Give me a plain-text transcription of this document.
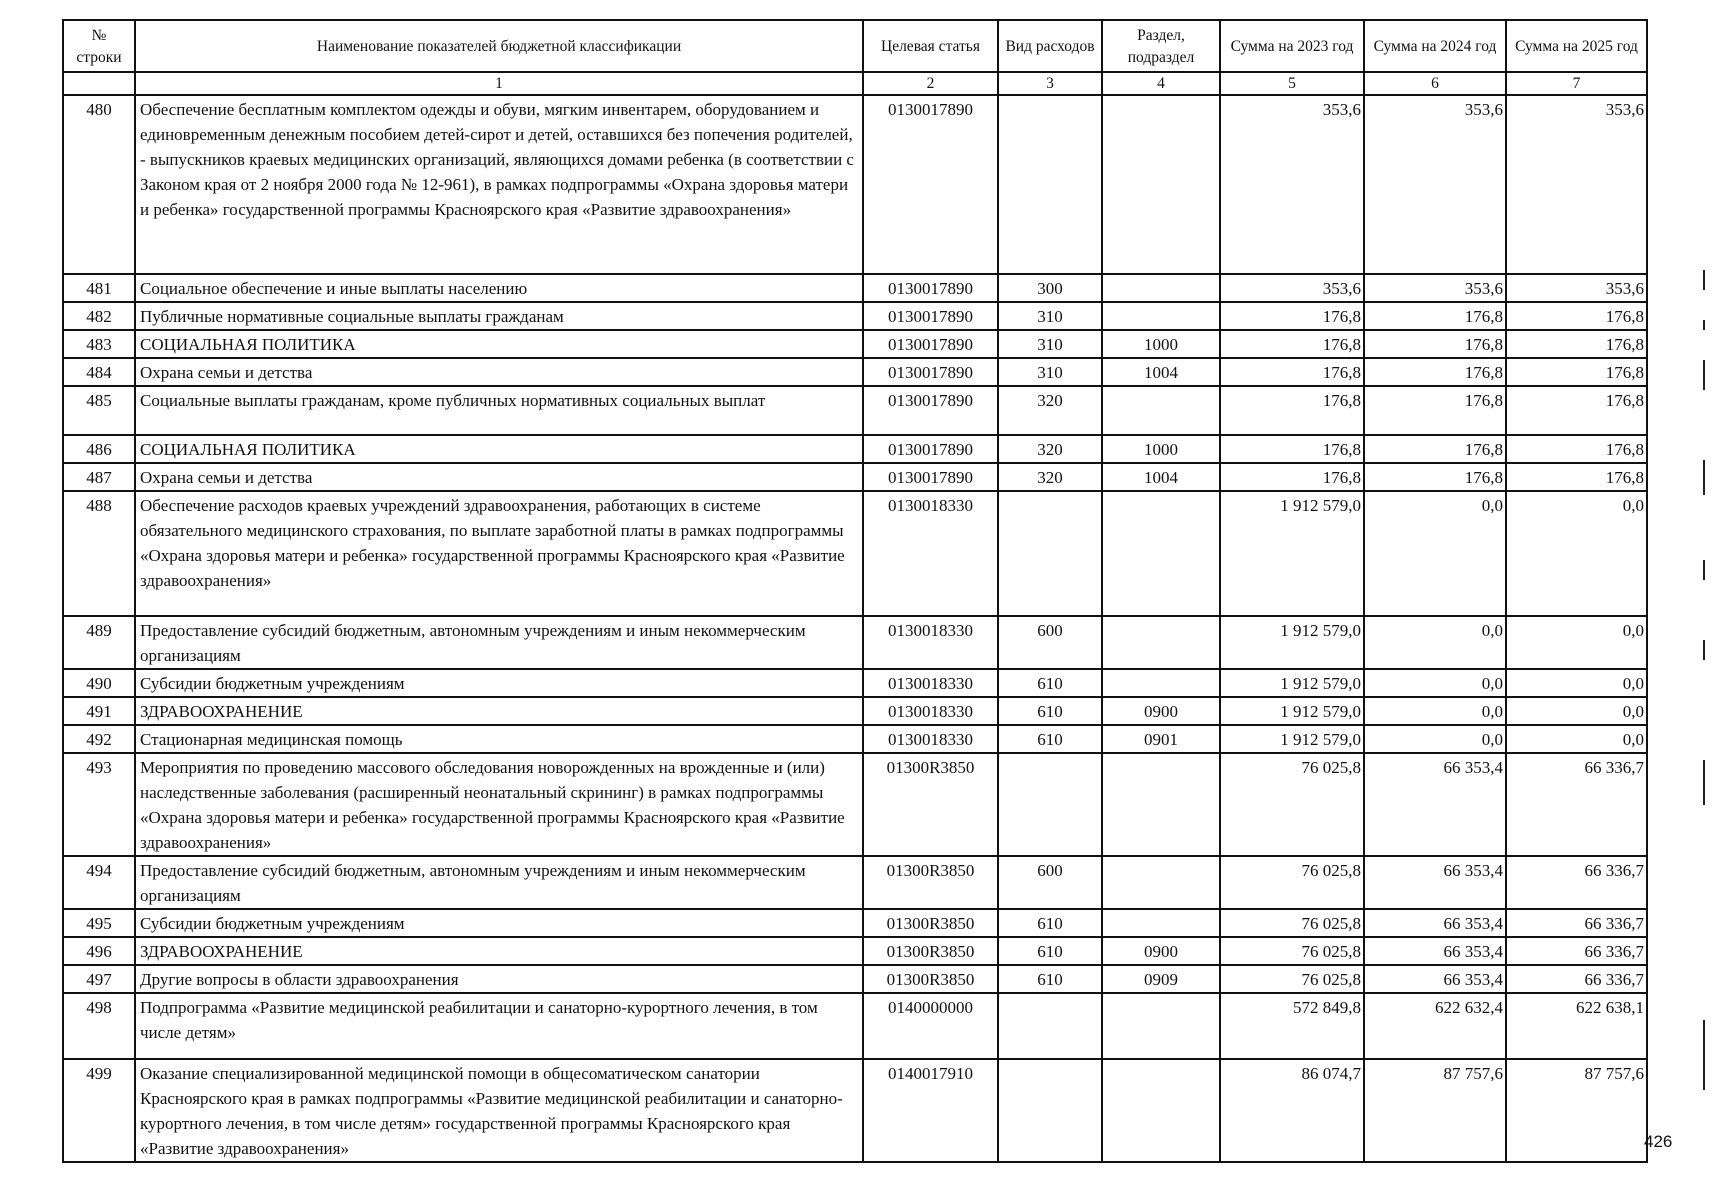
№ строки	Наименование показателей бюджетной классификации	Целевая статья	Вид расходов	Раздел, подраздел	Сумма на 2023 год	Сумма на 2024 год	Сумма на 2025 год
	1	2	3	4	5	6	7
480	Обеспечение бесплатным комплектом одежды и обуви, мягким инвентарем, оборудованием и единовременным денежным пособием детей-сирот и детей, оставшихся без попечения родителей, - выпускников краевых медицинских организаций, являющихся домами ребенка (в соответствии с Законом края от 2 ноября 2000 года № 12-961), в рамках подпрограммы «Охрана здоровья матери и ребенка» государственной программы Красноярского края «Развитие здравоохранения»	0130017890			353,6	353,6	353,6
481	Социальное обеспечение и иные выплаты населению	0130017890	300		353,6	353,6	353,6
482	Публичные нормативные социальные выплаты гражданам	0130017890	310		176,8	176,8	176,8
483	СОЦИАЛЬНАЯ ПОЛИТИКА	0130017890	310	1000	176,8	176,8	176,8
484	Охрана семьи и детства	0130017890	310	1004	176,8	176,8	176,8
485	Социальные выплаты гражданам, кроме публичных нормативных социальных выплат	0130017890	320		176,8	176,8	176,8
486	СОЦИАЛЬНАЯ ПОЛИТИКА	0130017890	320	1000	176,8	176,8	176,8
487	Охрана семьи и детства	0130017890	320	1004	176,8	176,8	176,8
488	Обеспечение расходов краевых учреждений здравоохранения, работающих в системе обязательного медицинского страхования, по выплате заработной платы в рамках подпрограммы «Охрана здоровья матери и ребенка» государственной программы Красноярского края «Развитие здравоохранения»	0130018330			1 912 579,0	0,0	0,0
489	Предоставление субсидий бюджетным, автономным учреждениям и иным некоммерческим организациям	0130018330	600		1 912 579,0	0,0	0,0
490	Субсидии бюджетным учреждениям	0130018330	610		1 912 579,0	0,0	0,0
491	ЗДРАВООХРАНЕНИЕ	0130018330	610	0900	1 912 579,0	0,0	0,0
492	Стационарная медицинская помощь	0130018330	610	0901	1 912 579,0	0,0	0,0
493	Мероприятия по проведению массового обследования новорожденных на врожденные и (или) наследственные заболевания (расширенный неонатальный скрининг) в рамках подпрограммы «Охрана здоровья матери и ребенка» государственной программы Красноярского края «Развитие здравоохранения»	01300R3850			76 025,8	66 353,4	66 336,7
494	Предоставление субсидий бюджетным, автономным учреждениям и иным некоммерческим организациям	01300R3850	600		76 025,8	66 353,4	66 336,7
495	Субсидии бюджетным учреждениям	01300R3850	610		76 025,8	66 353,4	66 336,7
496	ЗДРАВООХРАНЕНИЕ	01300R3850	610	0900	76 025,8	66 353,4	66 336,7
497	Другие вопросы в области здравоохранения	01300R3850	610	0909	76 025,8	66 353,4	66 336,7
498	Подпрограмма «Развитие медицинской реабилитации и санаторно-курортного лечения, в том числе детям»	0140000000			572 849,8	622 632,4	622 638,1
499	Оказание специализированной медицинской помощи в общесоматическом санатории Красноярского края в рамках подпрограммы «Развитие медицинской реабилитации и санаторно-курортного лечения, в том числе детям» государственной программы Красноярского края «Развитие здравоохранения»	0140017910			86 074,7	87 757,6	87 757,6
426
